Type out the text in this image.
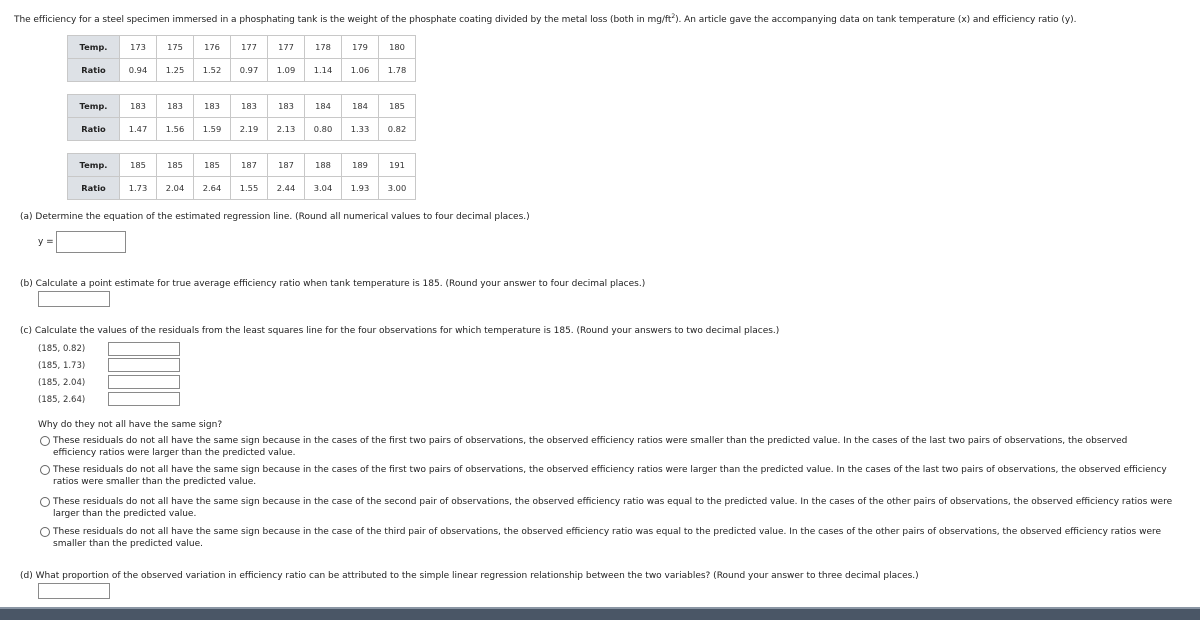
The efficiency for a steel specimen immersed in a phosphating tank is the weight of the phosphate coating divided by the metal loss (both in $mg/ft^2$). An article gave the accompanying data on tank temperature (x) and efficiency ratio (y).
Temp.	173	175	176	177	177	178	179	180
Ratio	0.94	1.25	1.52	0.97	1.09	1.14	1.06	1.78
Temp.	183	183	183	183	183	184	184	185
Ratio	1.47	1.56	1.59	2.19	2.13	0.80	1.33	0.82
Temp.	185	185	185	187	187	188	189	191
Ratio	1.73	2.04	2.64	1.55	2.44	3.04	1.93	3.00
(a) Determine the equation of the estimated regression line. (Round all numerical values to four decimal places.)
y =
(b) Calculate a point estimate for true average efficiency ratio when tank temperature is 185. (Round your answer to four decimal places.)
(c) Calculate the values of the residuals from the least squares line for the four observations for which temperature is 185. (Round your answers to two decimal places.)
(185, 0.82)
(185, 1.73)
(185, 2.04)
(185, 2.64)
Why do they not all have the same sign?
These residuals do not all have the same sign because in the cases of the first two pairs of observations, the observed efficiency ratios were smaller than the predicted value. In the cases of the last two pairs of observations, the observed efficiency ratios were larger than the predicted value.
These residuals do not all have the same sign because in the cases of the first two pairs of observations, the observed efficiency ratios were larger than the predicted value. In the cases of the last two pairs of observations, the observed efficiency ratios were smaller than the predicted value.
These residuals do not all have the same sign because in the case of the second pair of observations, the observed efficiency ratio was equal to the predicted value. In the cases of the other pairs of observations, the observed efficiency ratios were larger than the predicted value.
These residuals do not all have the same sign because in the case of the third pair of observations, the observed efficiency ratio was equal to the predicted value. In the cases of the other pairs of observations, the observed efficiency ratios were smaller than the predicted value.
(d) What proportion of the observed variation in efficiency ratio can be attributed to the simple linear regression relationship between the two variables? (Round your answer to three decimal places.)
